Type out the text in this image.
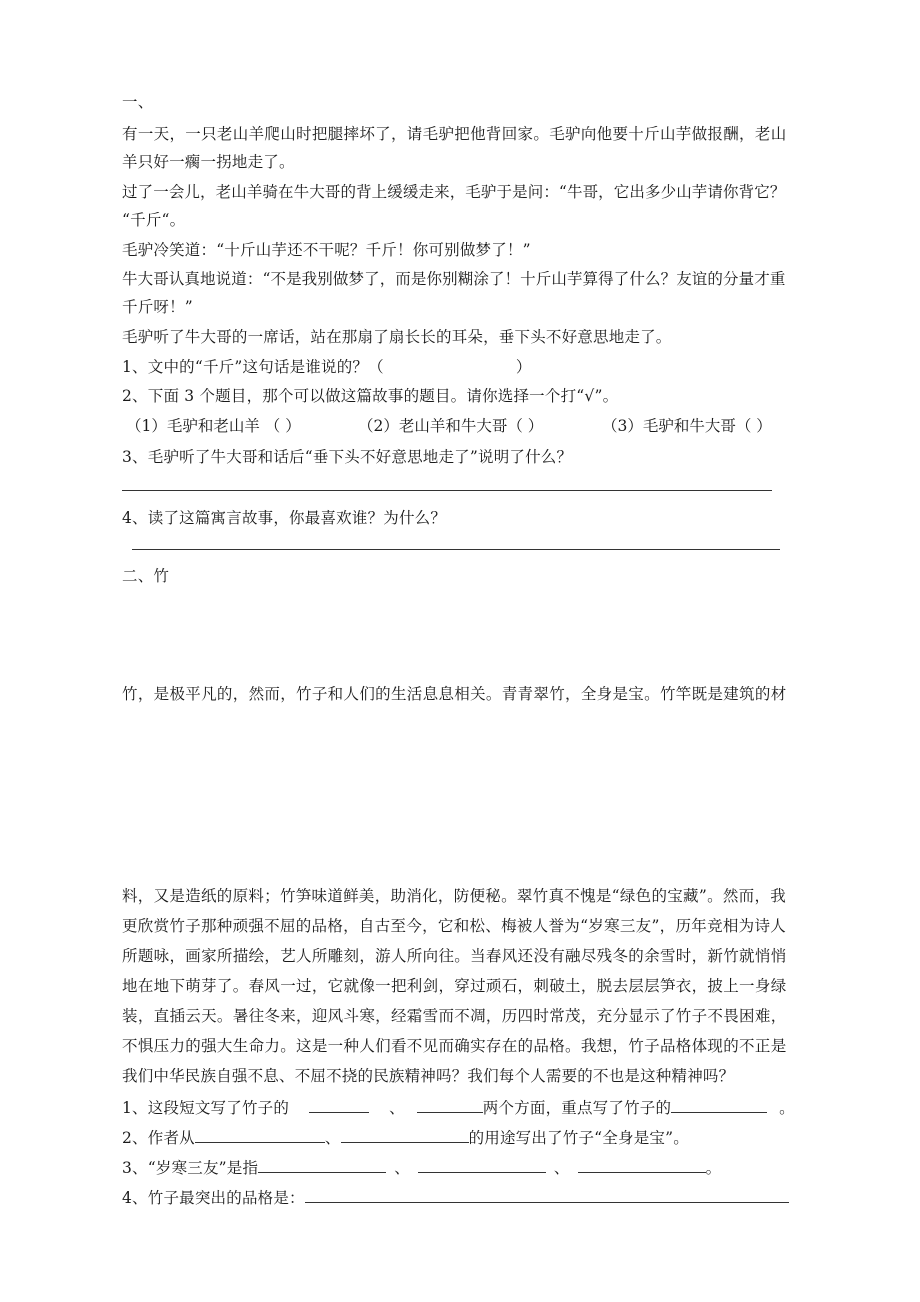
一、
有一天，一只老山羊爬山时把腿摔坏了，请毛驴把他背回家。毛驴向他要十斤山芋做报酬，老山
羊只好一瘸一拐地走了。
过了一会儿，老山羊骑在牛大哥的背上缓缓走来，毛驴于是问：“牛哥，它出多少山芋请你背它？
“千斤“。
毛驴冷笑道：“十斤山芋还不干呢？千斤！你可别做梦了！”
牛大哥认真地说道：“不是我别做梦了，而是你别糊涂了！十斤山芋算得了什么？友谊的分量才重
千斤呀！”
毛驴听了牛大哥的一席话，站在那扇了扇长长的耳朵，垂下头不好意思地走了。
1、文中的“千斤”这句话是谁说的？（	）
2、下面 3 个题目，那个可以做这篇故事的题目。请你选择一个打“√”。
（1）毛驴和老山羊 （ ）	（2）老山羊和牛大哥（ ）	（3）毛驴和牛大哥（ ）
3、毛驴听了牛大哥和话后“垂下头不好意思地走了”说明了什么？
4、读了这篇寓言故事，你最喜欢谁？为什么？
二、竹
竹，是极平凡的，然而，竹子和人们的生活息息相关。青青翠竹，全身是宝。竹竿既是建筑的材
料，又是造纸的原料；竹笋味道鲜美，助消化，防便秘。翠竹真不愧是“绿色的宝藏”。然而，我
更欣赏竹子那种顽强不屈的品格，自古至今，它和松、梅被人誉为“岁寒三友”，历年竞相为诗人
所题咏，画家所描绘，艺人所雕刻，游人所向往。当春风还没有融尽残冬的余雪时，新竹就悄悄
地在地下萌芽了。春风一过，它就像一把利剑，穿过顽石，刺破土，脱去层层笋衣，披上一身绿
装，直插云天。暑往冬来，迎风斗寒，经霜雪而不凋，历四时常茂，充分显示了竹子不畏困难，
不惧压力的强大生命力。这是一种人们看不见而确实存在的品格。我想，竹子品格体现的不正是
我们中华民族自强不息、不屈不挠的民族精神吗？我们每个人需要的不也是这种精神吗？
1、这段短文写了竹子的	、	两个方面，重点写了竹子的	。
2、作者从	、	的用途写出了竹子“全身是宝”。
3、“岁寒三友”是指	、	、	。
4、竹子最突出的品格是：
